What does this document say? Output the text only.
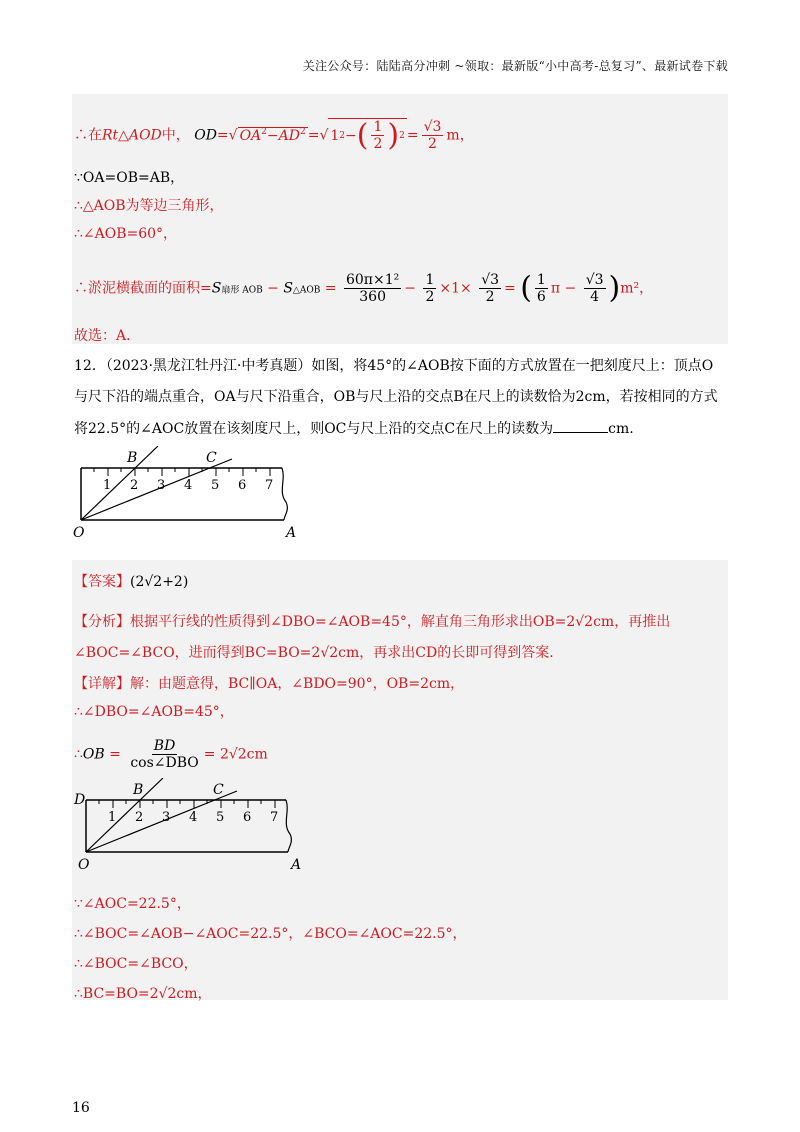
关注公众号：陆陆高分冲刺 ~领取：最新版“小中高考-总复习”、最新试卷下载
∴在Rt△AOD中， OD=√ $OA^2-AD^2$ =√ 1 2 − ( $\frac{1}{2}$ ) $2 = \frac{√3}{2}$ m，
∵OA=OB=AB，
∴△AOB为等边三角形，
∴∠AOB=60°，
∴淤泥横截面的面积=S扇形 AOB − S△AOB = $\frac{\text{60π×1²}}{360} - \frac{1}{2} \times 1\times \frac{√3}{2}$ = ( $\frac{1}{6}$ $\pi - \frac{√3}{4} )m^2$，
故选：A．
12．（2023·黑龙江牡丹江·中考真题）如图，将45°的∠AOB按下面的方式放置在一把刻度尺上：顶点O
与尺下沿的端点重合，OA与尺下沿重合，OB与尺上沿的交点B在尺上的读数恰为2cm，若按相同的方式
将22.5°的∠AOC放置在该刻度尺上，则OC与尺上沿的交点C在尺上的读数为	cm.
1 2 3 4 5 6 7
B	C
O	A
【答案】(2√2+2)
【分析】根据平行线的性质得到∠DBO=∠AOB=45°，解直角三角形求出OB=2√2cm，再推出
∠BOC=∠BCO，进而得到BC=BO=2√2cm，再求出CD的长即可得到答案.
【详解】解：由题意得，BC∥OA，∠BDO=90°，OB=2cm，
∴∠DBO=∠AOB=45°，
∴OB = $\frac{BD}{\text{cos∠DBO}} = 2√2cm$
1 2 3 4 5 6 7
D
B	C
O	A
∵∠AOC=22.5°，
∴∠BOC=∠AOB−∠AOC=22.5°，∠BCO=∠AOC=22.5°，
∴∠BOC=∠BCO，
∴BC=BO=2√2cm，
16
